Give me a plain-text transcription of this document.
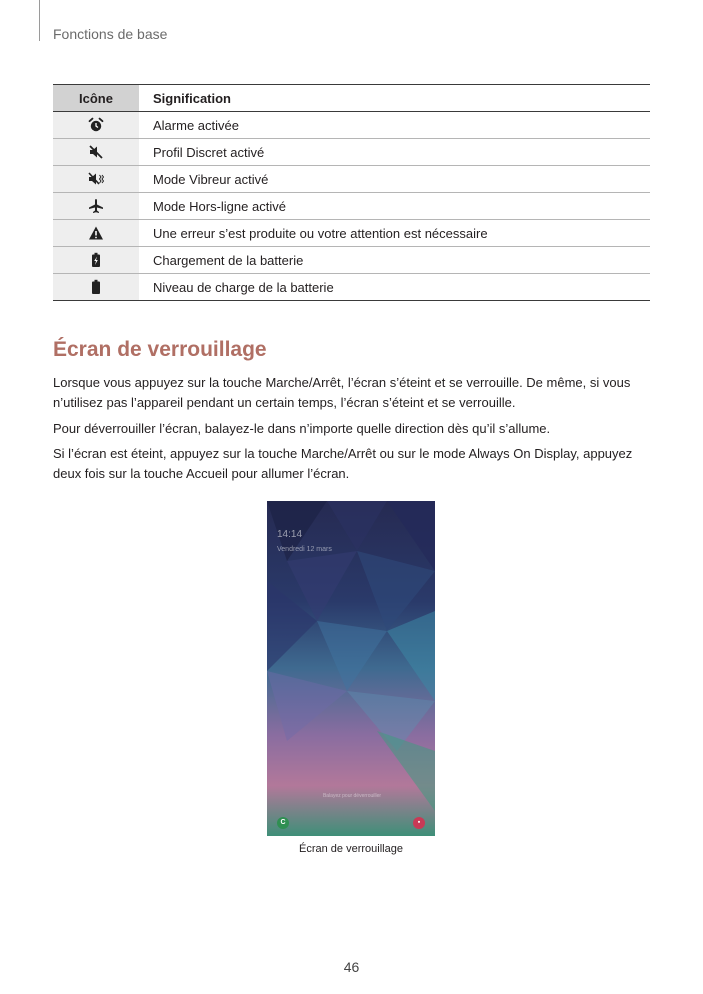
Fonctions de base
Icône	Signification
	Alarme activée
	Profil Discret activé
	Mode Vibreur activé
	Mode Hors-ligne activé
	Une erreur s’est produite ou votre attention est nécessaire
	Chargement de la batterie
	Niveau de charge de la batterie
Écran de verrouillage

Lorsque vous appuyez sur la touche Marche/Arrêt, l’écran s’éteint et se verrouille. De même, si vous n’utilisez pas l’appareil pendant un certain temps, l’écran s’éteint et se verrouille.

Pour déverrouiller l’écran, balayez-le dans n’importe quelle direction dès qu’il s’allume.

Si l’écran est éteint, appuyez sur la touche Marche/Arrêt ou sur le mode Always On Display, appuyez deux fois sur la touche Accueil pour allumer l’écran.

14:14
Vendredi 12 mars
Balayez pour déverrouiller
C	▪
Écran de verrouillage
46
